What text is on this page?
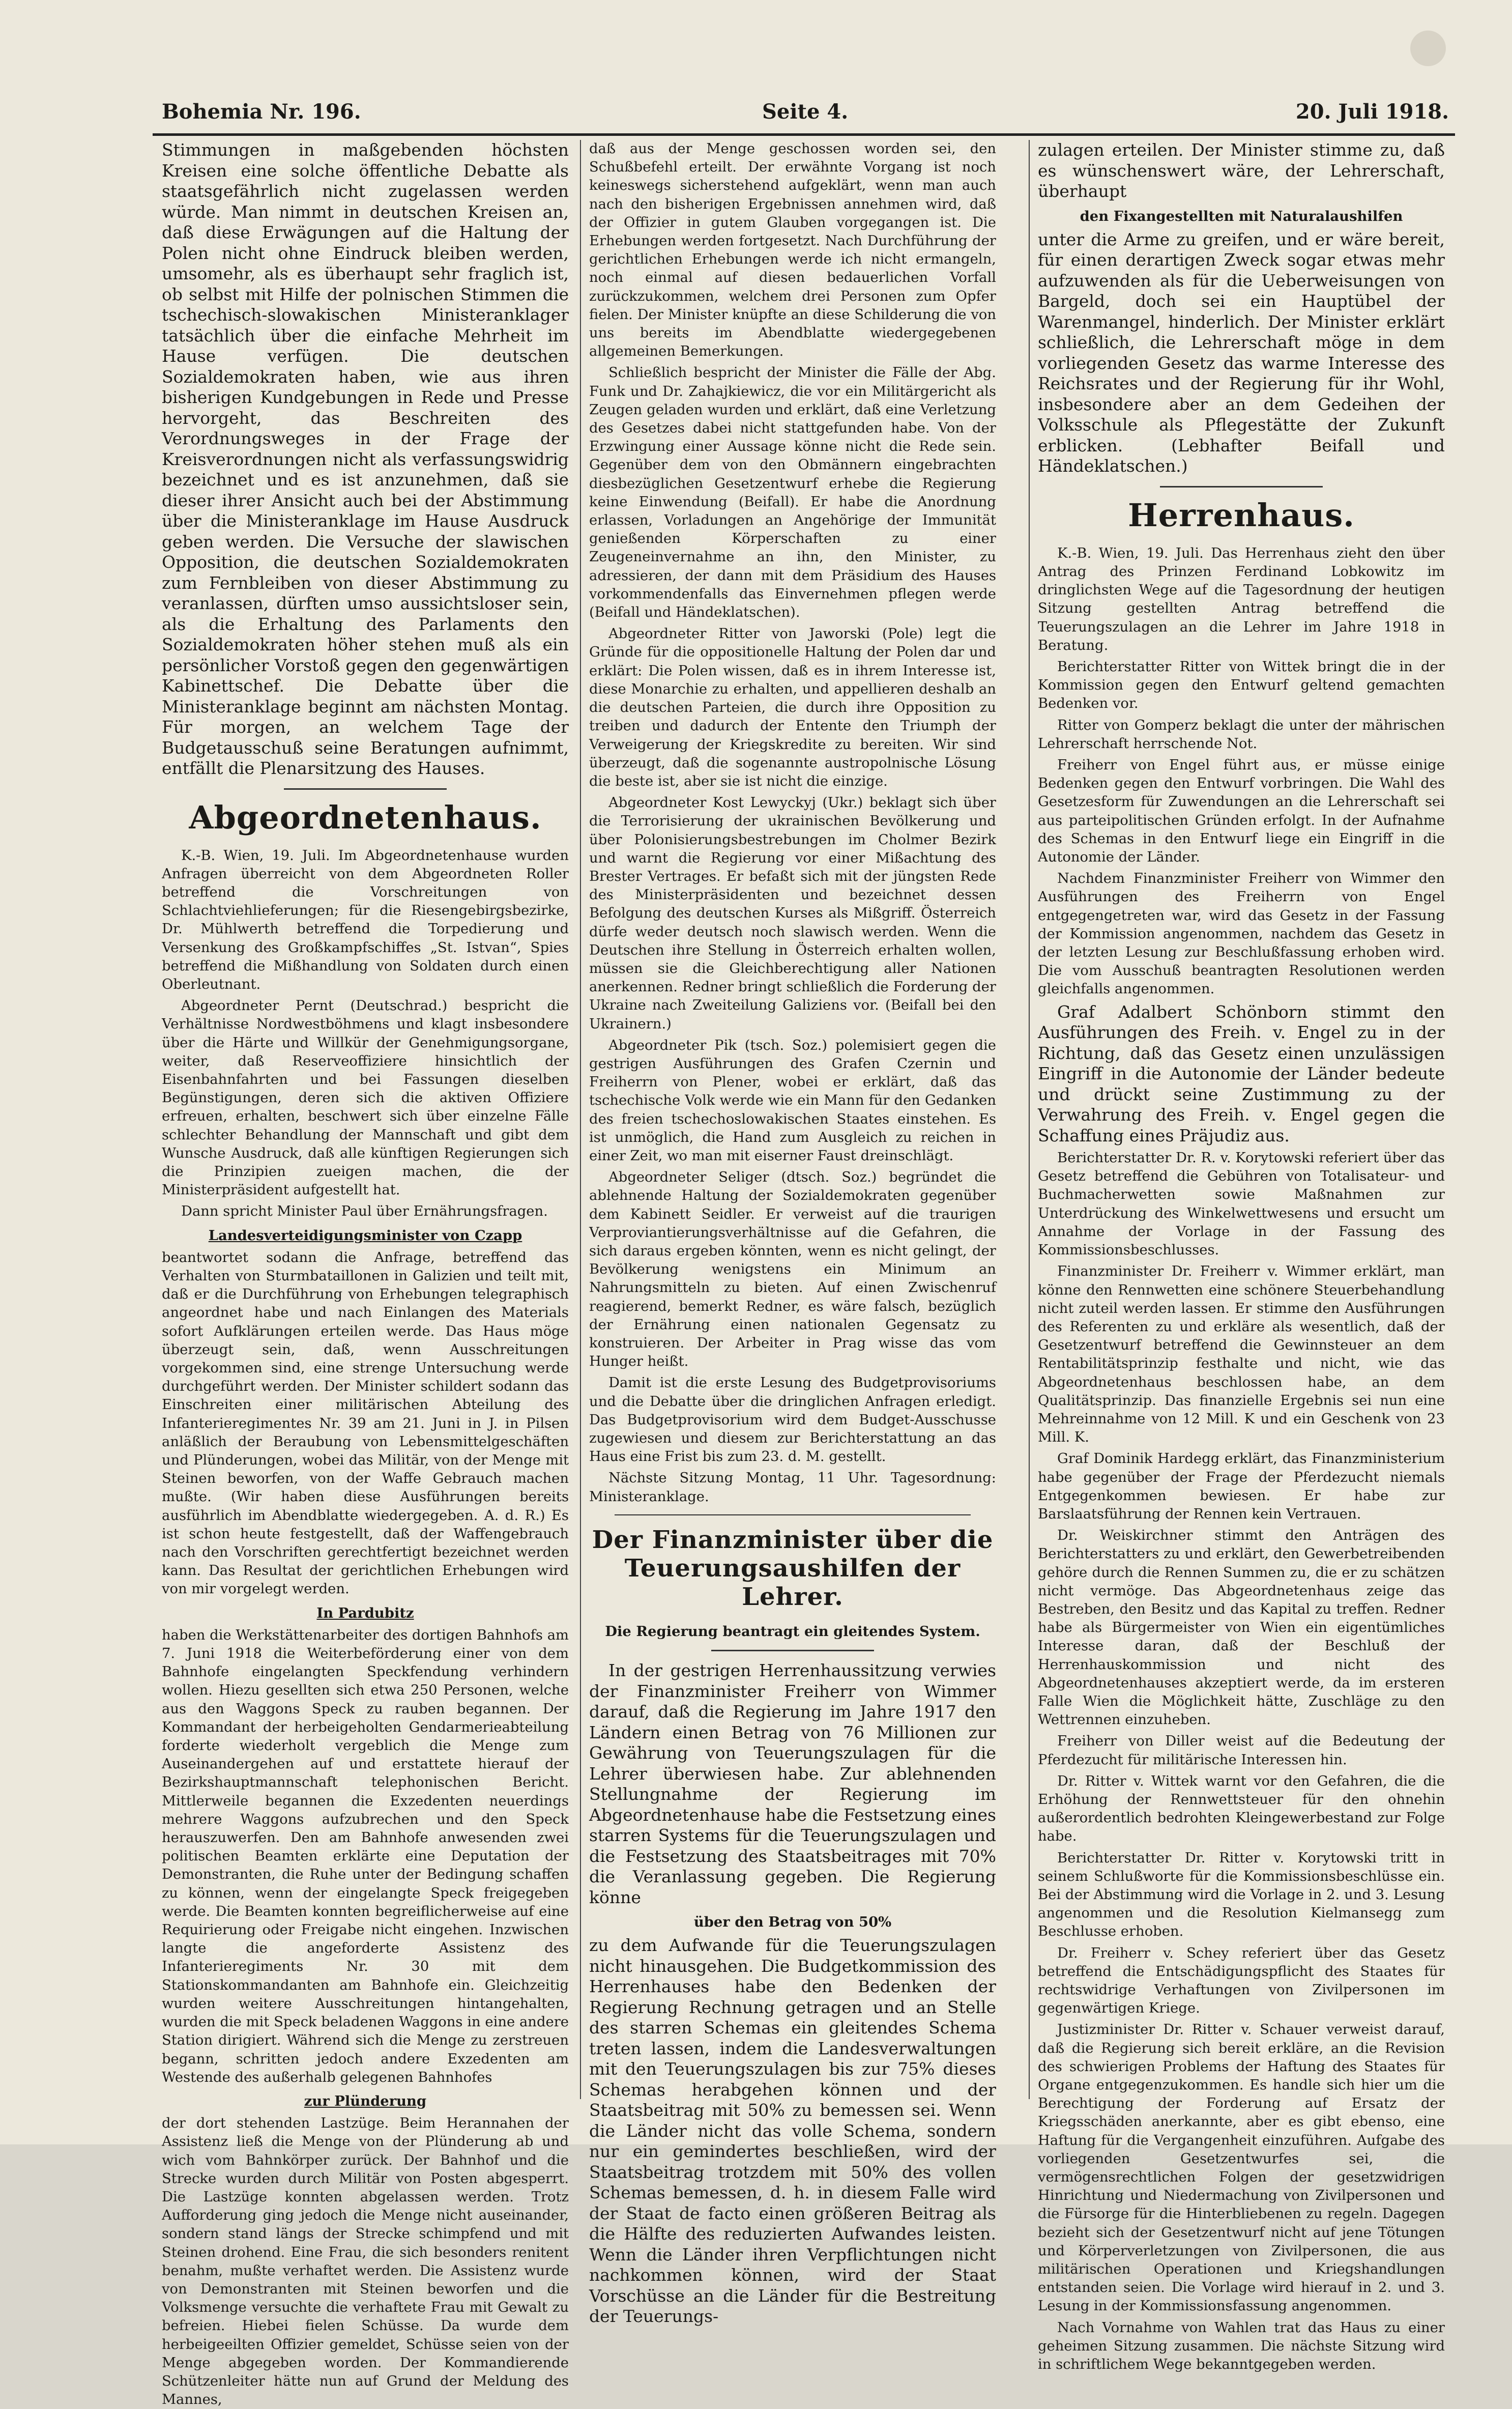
Bohemia Nr. 196.	Seite 4.	20. Juli 1918.

Stimmungen in maßgebenden höchsten Kreisen eine solche öffentliche Debatte als staatsgefährlich nicht zugelassen werden würde. Man nimmt in deutschen Kreisen an, daß diese Erwägungen auf die Haltung der Polen nicht ohne Eindruck bleiben werden, umsomehr, als es überhaupt sehr fraglich ist, ob selbst mit Hilfe der polnischen Stimmen die tschechisch-slowakischen Ministeranklager tatsächlich über die einfache Mehrheit im Hause verfügen. Die deutschen Sozialdemokraten haben, wie aus ihren bisherigen Kundgebungen in Rede und Presse hervorgeht, das Beschreiten des Verordnungsweges in der Frage der Kreisverordnungen nicht als verfassungswidrig bezeichnet und es ist anzunehmen, daß sie dieser ihrer Ansicht auch bei der Abstimmung über die Ministeranklage im Hause Ausdruck geben werden. Die Versuche der slawischen Opposition, die deutschen Sozialdemokraten zum Fernbleiben von dieser Abstimmung zu veranlassen, dürften umso aussichtsloser sein, als die Erhaltung des Parlaments den Sozialdemokraten höher stehen muß als ein persönlicher Vorstoß gegen den gegenwärtigen Kabinettschef. Die Debatte über die Ministeranklage beginnt am nächsten Montag. Für morgen, an welchem Tage der Budgetausschuß seine Beratungen aufnimmt, entfällt die Plenarsitzung des Hauses.

Abgeordnetenhaus.

K.-B. Wien, 19. Juli. Im Abgeordnetenhause wurden Anfragen überreicht von dem Abgeordneten Roller betreffend die Vorschreitungen von Schlachtviehlieferungen; für die Riesengebirgsbezirke, Dr. Mühlwerth betreffend die Torpedierung und Versenkung des Großkampfschiffes „St. Istvan“, Spies betreffend die Mißhandlung von Soldaten durch einen Oberleutnant.

Abgeordneter Pernt (Deutschrad.) bespricht die Verhältnisse Nordwestböhmens und klagt insbesondere über die Härte und Willkür der Genehmigungsorgane, weiter, daß Reserveoffiziere hinsichtlich der Eisenbahnfahrten und bei Fassungen dieselben Begünstigungen, deren sich die aktiven Offiziere erfreuen, erhalten, beschwert sich über einzelne Fälle schlechter Behandlung der Mannschaft und gibt dem Wunsche Ausdruck, daß alle künftigen Regierungen sich die Prinzipien zueigen machen, die der Ministerpräsident aufgestellt hat.

Dann spricht Minister Paul über Ernährungsfragen.

Landesverteidigungsminister von Czapp

beantwortet sodann die Anfrage, betreffend das Verhalten von Sturmbataillonen in Galizien und teilt mit, daß er die Durchführung von Erhebungen telegraphisch angeordnet habe und nach Einlangen des Materials sofort Aufklärungen erteilen werde. Das Haus möge überzeugt sein, daß, wenn Ausschreitungen vorgekommen sind, eine strenge Untersuchung werde durchgeführt werden. Der Minister schildert sodann das Einschreiten einer militärischen Abteilung des Infanterieregimentes Nr. 39 am 21. Juni in J. in Pilsen anläßlich der Beraubung von Lebensmittelgeschäften und Plünderungen, wobei das Militär, von der Menge mit Steinen beworfen, von der Waffe Gebrauch machen mußte. (Wir haben diese Ausführungen bereits ausführlich im Abendblatte wiedergegeben. A. d. R.) Es ist schon heute festgestellt, daß der Waffengebrauch nach den Vorschriften gerechtfertigt bezeichnet werden kann. Das Resultat der gerichtlichen Erhebungen wird von mir vorgelegt werden.

In Pardubitz

haben die Werkstättenarbeiter des dortigen Bahnhofs am 7. Juni 1918 die Weiterbeförderung einer von dem Bahnhofe eingelangten Speckfendung verhindern wollen. Hiezu gesellten sich etwa 250 Personen, welche aus den Waggons Speck zu rauben begannen. Der Kommandant der herbeigeholten Gendarmerieabteilung forderte wiederholt vergeblich die Menge zum Auseinandergehen auf und erstattete hierauf der Bezirkshauptmannschaft telephonischen Bericht. Mittlerweile begannen die Exzedenten neuerdings mehrere Waggons aufzubrechen und den Speck herauszuwerfen. Den am Bahnhofe anwesenden zwei politischen Beamten erklärte eine Deputation der Demonstranten, die Ruhe unter der Bedingung schaffen zu können, wenn der eingelangte Speck freigegeben werde. Die Beamten konnten begreiflicherweise auf eine Requirierung oder Freigabe nicht eingehen. Inzwischen langte die angeforderte Assistenz des Infanterieregiments Nr. 30 mit dem Stationskommandanten am Bahnhofe ein. Gleichzeitig wurden weitere Ausschreitungen hintangehalten, wurden die mit Speck beladenen Waggons in eine andere Station dirigiert. Während sich die Menge zu zerstreuen begann, schritten jedoch andere Exzedenten am Westende des außerhalb gelegenen Bahnhofes

zur Plünderung

der dort stehenden Lastzüge. Beim Herannahen der Assistenz ließ die Menge von der Plünderung ab und wich vom Bahnkörper zurück. Der Bahnhof und die Strecke wurden durch Militär von Posten abgesperrt. Die Lastzüge konnten abgelassen werden. Trotz Aufforderung ging jedoch die Menge nicht auseinander, sondern stand längs der Strecke schimpfend und mit Steinen drohend. Eine Frau, die sich besonders renitent benahm, mußte verhaftet werden. Die Assistenz wurde von Demonstranten mit Steinen beworfen und die Volksmenge versuchte die verhaftete Frau mit Gewalt zu befreien. Hiebei fielen Schüsse. Da wurde dem herbeigeeilten Offizier gemeldet, Schüsse seien von der Menge abgegeben worden. Der Kommandierende Schützenleiter hätte nun auf Grund der Meldung des Mannes,

daß aus der Menge geschossen worden sei, den Schußbefehl erteilt. Der erwähnte Vorgang ist noch keineswegs sicherstehend aufgeklärt, wenn man auch nach den bisherigen Ergebnissen annehmen wird, daß der Offizier in gutem Glauben vorgegangen ist. Die Erhebungen werden fortgesetzt. Nach Durchführung der gerichtlichen Erhebungen werde ich nicht ermangeln, noch einmal auf diesen bedauerlichen Vorfall zurückzukommen, welchem drei Personen zum Opfer fielen. Der Minister knüpfte an diese Schilderung die von uns bereits im Abendblatte wiedergegebenen allgemeinen Bemerkungen.

Schließlich bespricht der Minister die Fälle der Abg. Funk und Dr. Zahajkiewicz, die vor ein Militärgericht als Zeugen geladen wurden und erklärt, daß eine Verletzung des Gesetzes dabei nicht stattgefunden habe. Von der Erzwingung einer Aussage könne nicht die Rede sein. Gegenüber dem von den Obmännern eingebrachten diesbezüglichen Gesetzentwurf erhebe die Regierung keine Einwendung (Beifall). Er habe die Anordnung erlassen, Vorladungen an Angehörige der Immunität genießenden Körperschaften zu einer Zeugeneinvernahme an ihn, den Minister, zu adressieren, der dann mit dem Präsidium des Hauses vorkommendenfalls das Einvernehmen pflegen werde (Beifall und Händeklatschen).

Abgeordneter Ritter von Jaworski (Pole) legt die Gründe für die oppositionelle Haltung der Polen dar und erklärt: Die Polen wissen, daß es in ihrem Interesse ist, diese Monarchie zu erhalten, und appellieren deshalb an die deutschen Parteien, die durch ihre Opposition zu treiben und dadurch der Entente den Triumph der Verweigerung der Kriegskredite zu bereiten. Wir sind überzeugt, daß die sogenannte austropolnische Lösung die beste ist, aber sie ist nicht die einzige.

Abgeordneter Kost Lewyckyj (Ukr.) beklagt sich über die Terrorisierung der ukrainischen Bevölkerung und über Polonisierungsbestrebungen im Cholmer Bezirk und warnt die Regierung vor einer Mißachtung des Brester Vertrages. Er befaßt sich mit der jüngsten Rede des Ministerpräsidenten und bezeichnet dessen Befolgung des deutschen Kurses als Mißgriff. Österreich dürfe weder deutsch noch slawisch werden. Wenn die Deutschen ihre Stellung in Österreich erhalten wollen, müssen sie die Gleichberechtigung aller Nationen anerkennen. Redner bringt schließlich die Forderung der Ukraine nach Zweiteilung Galiziens vor. (Beifall bei den Ukrainern.)

Abgeordneter Pik (tsch. Soz.) polemisiert gegen die gestrigen Ausführungen des Grafen Czernin und Freiherrn von Plener, wobei er erklärt, daß das tschechische Volk werde wie ein Mann für den Gedanken des freien tschechoslowakischen Staates einstehen. Es ist unmöglich, die Hand zum Ausgleich zu reichen in einer Zeit, wo man mit eiserner Faust dreinschlägt.

Abgeordneter Seliger (dtsch. Soz.) begründet die ablehnende Haltung der Sozialdemokraten gegenüber dem Kabinett Seidler. Er verweist auf die traurigen Verproviantierungsverhältnisse auf die Gefahren, die sich daraus ergeben könnten, wenn es nicht gelingt, der Bevölkerung wenigstens ein Minimum an Nahrungsmitteln zu bieten. Auf einen Zwischenruf reagierend, bemerkt Redner, es wäre falsch, bezüglich der Ernährung einen nationalen Gegensatz zu konstruieren. Der Arbeiter in Prag wisse das vom Hunger heißt.

Damit ist die erste Lesung des Budgetprovisoriums und die Debatte über die dringlichen Anfragen erledigt. Das Budgetprovisorium wird dem Budget-Ausschusse zugewiesen und diesem zur Berichterstattung an das Haus eine Frist bis zum 23. d. M. gestellt.

Nächste Sitzung Montag, 11 Uhr. Tagesordnung: Ministeranklage.

Der Finanzminister über die Teuerungsaushilfen der Lehrer.
Die Regierung beantragt ein gleitendes System.

In der gestrigen Herrenhaussitzung verwies der Finanzminister Freiherr von Wimmer darauf, daß die Regierung im Jahre 1917 den Ländern einen Betrag von 76 Millionen zur Gewährung von Teuerungszulagen für die Lehrer überwiesen habe. Zur ablehnenden Stellungnahme der Regierung im Abgeordnetenhause habe die Festsetzung eines starren Systems für die Teuerungszulagen und die Festsetzung des Staatsbeitrages mit 70% die Veranlassung gegeben. Die Regierung könne

über den Betrag von 50%

zu dem Aufwande für die Teuerungszulagen nicht hinausgehen. Die Budgetkommission des Herrenhauses habe den Bedenken der Regierung Rechnung getragen und an Stelle des starren Schemas ein gleitendes Schema treten lassen, indem die Landesverwaltungen mit den Teuerungszulagen bis zur 75% dieses Schemas herabgehen können und der Staatsbeitrag mit 50% zu bemessen sei. Wenn die Länder nicht das volle Schema, sondern nur ein gemindertes beschließen, wird der Staatsbeitrag trotzdem mit 50% des vollen Schemas bemessen, d. h. in diesem Falle wird der Staat de facto einen größeren Beitrag als die Hälfte des reduzierten Aufwandes leisten. Wenn die Länder ihren Verpflichtungen nicht nachkommen können, wird der Staat Vorschüsse an die Länder für die Bestreitung der Teuerungs-

zulagen erteilen. Der Minister stimme zu, daß es wünschenswert wäre, der Lehrerschaft, überhaupt

den Fixangestellten mit Naturalaushilfen

unter die Arme zu greifen, und er wäre bereit, für einen derartigen Zweck sogar etwas mehr aufzuwenden als für die Ueberweisungen von Bargeld, doch sei ein Hauptübel der Warenmangel, hinderlich. Der Minister erklärt schließlich, die Lehrerschaft möge in dem vorliegenden Gesetz das warme Interesse des Reichsrates und der Regierung für ihr Wohl, insbesondere aber an dem Gedeihen der Volksschule als Pflegestätte der Zukunft erblicken. (Lebhafter Beifall und Händeklatschen.)

Herrenhaus.

K.-B. Wien, 19. Juli. Das Herrenhaus zieht den über Antrag des Prinzen Ferdinand Lobkowitz im dringlichsten Wege auf die Tagesordnung der heutigen Sitzung gestellten Antrag betreffend die Teuerungszulagen an die Lehrer im Jahre 1918 in Beratung.

Berichterstatter Ritter von Wittek bringt die in der Kommission gegen den Entwurf geltend gemachten Bedenken vor.

Ritter von Gomperz beklagt die unter der mährischen Lehrerschaft herrschende Not.

Freiherr von Engel führt aus, er müsse einige Bedenken gegen den Entwurf vorbringen. Die Wahl des Gesetzesform für Zuwendungen an die Lehrerschaft sei aus parteipolitischen Gründen erfolgt. In der Aufnahme des Schemas in den Entwurf liege ein Eingriff in die Autonomie der Länder.

Nachdem Finanzminister Freiherr von Wimmer den Ausführungen des Freiherrn von Engel entgegengetreten war, wird das Gesetz in der Fassung der Kommission angenommen, nachdem das Gesetz in der letzten Lesung zur Beschlußfassung erhoben wird. Die vom Ausschuß beantragten Resolutionen werden gleichfalls angenommen.

Graf Adalbert Schönborn stimmt den Ausführungen des Freih. v. Engel zu in der Richtung, daß das Gesetz einen unzulässigen Eingriff in die Autonomie der Länder bedeute und drückt seine Zustimmung zu der Verwahrung des Freih. v. Engel gegen die Schaffung eines Präjudiz aus.

Berichterstatter Dr. R. v. Korytowski referiert über das Gesetz betreffend die Gebühren von Totalisateur- und Buchmacherwetten sowie Maßnahmen zur Unterdrückung des Winkelwettwesens und ersucht um Annahme der Vorlage in der Fassung des Kommissionsbeschlusses.

Finanzminister Dr. Freiherr v. Wimmer erklärt, man könne den Rennwetten eine schönere Steuerbehandlung nicht zuteil werden lassen. Er stimme den Ausführungen des Referenten zu und erkläre als wesentlich, daß der Gesetzentwurf betreffend die Gewinnsteuer an dem Rentabilitätsprinzip festhalte und nicht, wie das Abgeordnetenhaus beschlossen habe, an dem Qualitätsprinzip. Das finanzielle Ergebnis sei nun eine Mehreinnahme von 12 Mill. K und ein Geschenk von 23 Mill. K.

Graf Dominik Hardegg erklärt, das Finanzministerium habe gegenüber der Frage der Pferdezucht niemals Entgegenkommen bewiesen. Er habe zur Barslaatsführung der Rennen kein Vertrauen.

Dr. Weiskirchner stimmt den Anträgen des Berichterstatters zu und erklärt, den Gewerbetreibenden gehöre durch die Rennen Summen zu, die er zu schätzen nicht vermöge. Das Abgeordnetenhaus zeige das Bestreben, den Besitz und das Kapital zu treffen. Redner habe als Bürgermeister von Wien ein eigentümliches Interesse daran, daß der Beschluß der Herrenhauskommission und nicht des Abgeordnetenhauses akzeptiert werde, da im ersteren Falle Wien die Möglichkeit hätte, Zuschläge zu den Wettrennen einzuheben.

Freiherr von Diller weist auf die Bedeutung der Pferdezucht für militärische Interessen hin.

Dr. Ritter v. Wittek warnt vor den Gefahren, die die Erhöhung der Rennwettsteuer für den ohnehin außerordentlich bedrohten Kleingewerbestand zur Folge habe.

Berichterstatter Dr. Ritter v. Korytowski tritt in seinem Schlußworte für die Kommissionsbeschlüsse ein. Bei der Abstimmung wird die Vorlage in 2. und 3. Lesung angenommen und die Resolution Kielmansegg zum Beschlusse erhoben.

Dr. Freiherr v. Schey referiert über das Gesetz betreffend die Entschädigungspflicht des Staates für rechtswidrige Verhaftungen von Zivilpersonen im gegenwärtigen Kriege.

Justizminister Dr. Ritter v. Schauer verweist darauf, daß die Regierung sich bereit erkläre, an die Revision des schwierigen Problems der Haftung des Staates für Organe entgegenzukommen. Es handle sich hier um die Berechtigung der Forderung auf Ersatz der Kriegsschäden anerkannte, aber es gibt ebenso, eine Haftung für die Vergangenheit einzuführen. Aufgabe des vorliegenden Gesetzentwurfes sei, die vermögensrechtlichen Folgen der gesetzwidrigen Hinrichtung und Niedermachung von Zivilpersonen und die Fürsorge für die Hinterbliebenen zu regeln. Dagegen bezieht sich der Gesetzentwurf nicht auf jene Tötungen und Körperverletzungen von Zivilpersonen, die aus militärischen Operationen und Kriegshandlungen entstanden seien. Die Vorlage wird hierauf in 2. und 3. Lesung in der Kommissionsfassung angenommen.

Nach Vornahme von Wahlen trat das Haus zu einer geheimen Sitzung zusammen. Die nächste Sitzung wird in schriftlichem Wege bekanntgegeben werden.
